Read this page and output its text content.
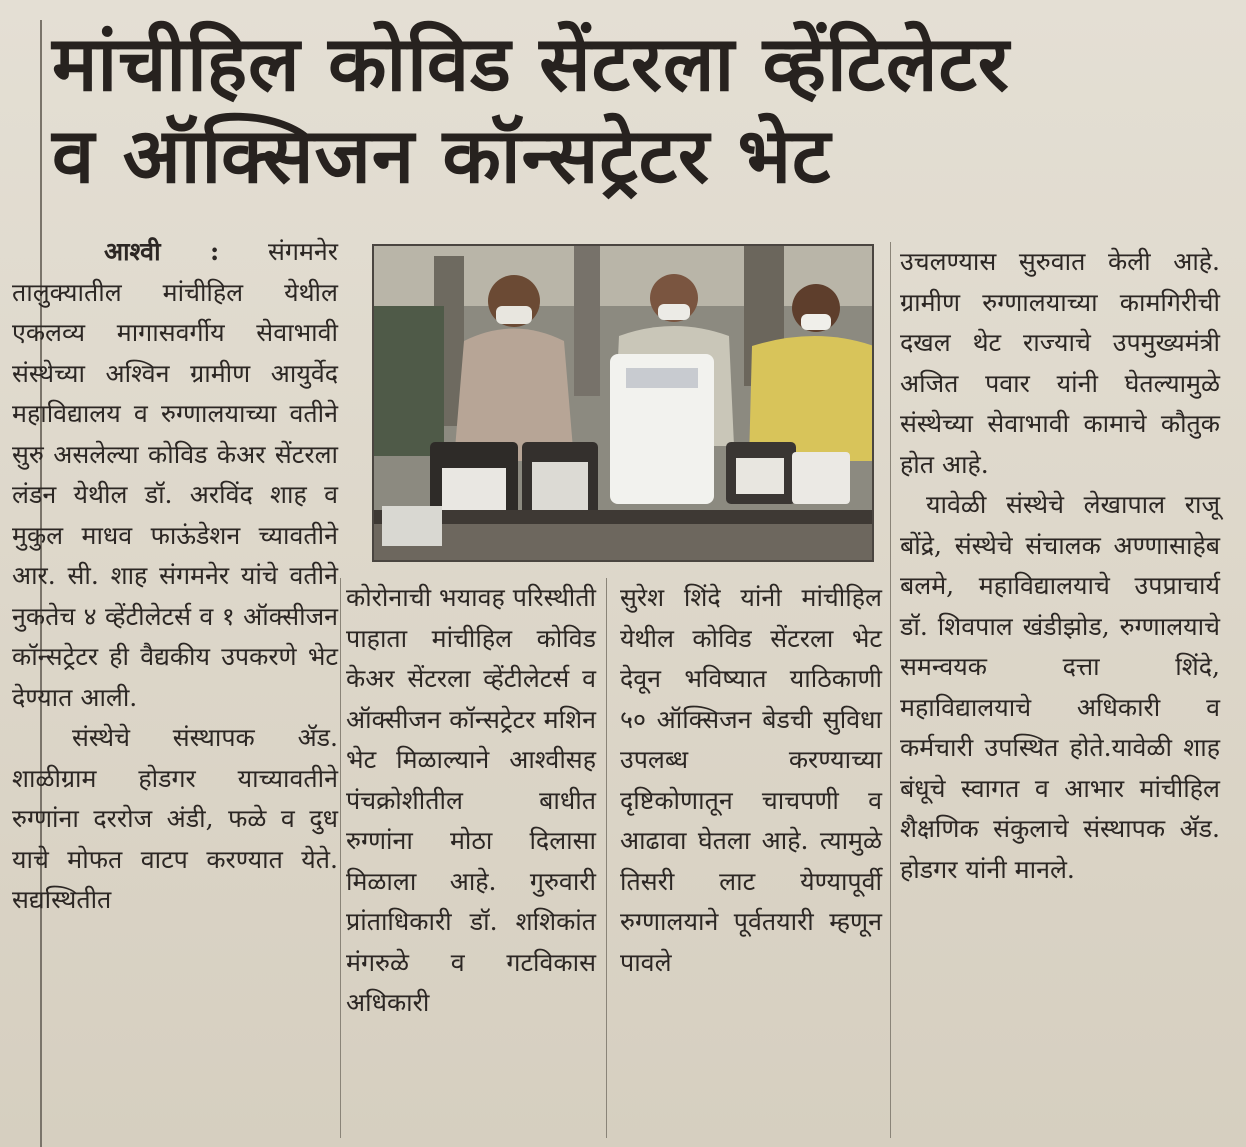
मांचीहिल कोविड सेंटरला व्हेंटिलेटर
व ऑक्सिजन कॉन्सट्रेटर भेट

आश्वी : संगमनेर तालुक्यातील मांचीहिल येथील एकलव्य मागासवर्गीय सेवाभावी संस्थेच्या अश्विन ग्रामीण आयुर्वेद महाविद्यालय व रुग्णालयाच्या वतीने सुरु असलेल्या कोविड केअर सेंटरला लंडन येथील डॉ. अरविंद शाह व मुकुल माधव फाऊंडेशन च्यावतीने आर. सी. शाह संगमनेर यांचे वतीने नुकतेच ४ व्हेंटीलेटर्स व १ ऑक्सीजन कॉन्सट्रेटर ही वैद्यकीय उपकरणे भेट देण्यात आली.

संस्थेचे संस्थापक ॲड. शाळीग्राम होडगर याच्यावतीने रुग्णांना दररोज अंडी, फळे व दुध याचे मोफत वाटप करण्यात येते. सद्यस्थितीत

कोरोनाची भयावह परिस्थीती पाहाता मांचीहिल कोविड केअर सेंटरला व्हेंटीलेटर्स व ऑक्सीजन कॉन्सट्रेटर मशिन भेट मिळाल्याने आश्वीसह पंचक्रोशीतील बाधीत रुग्णांना मोठा दिलासा मिळाला आहे. गुरुवारी प्रांताधिकारी डॉ. शशिकांत मंगरुळे व गटविकास अधिकारी

सुरेश शिंदे यांनी मांचीहिल येथील कोविड सेंटरला भेट देवून भविष्यात याठिकाणी ५० ऑक्सिजन बेडची सुविधा उपलब्ध करण्याच्या दृष्टिकोणातून चाचपणी व आढावा घेतला आहे. त्यामुळे तिसरी लाट येण्यापूर्वी रुग्णालयाने पूर्वतयारी म्हणून पावले

उचलण्यास सुरुवात केली आहे. ग्रामीण रुग्णालयाच्या कामगिरीची दखल थेट राज्याचे उपमुख्यमंत्री अजित पवार यांनी घेतल्यामुळे संस्थेच्या सेवाभावी कामाचे कौतुक होत आहे.

यावेळी संस्थेचे लेखापाल राजू बोंद्रे, संस्थेचे संचालक अण्णासाहेब बलमे, महाविद्यालयाचे उपप्राचार्य डॉ. शिवपाल खंडीझोड, रुग्णालयाचे समन्वयक दत्ता शिंदे, महाविद्यालयाचे अधिकारी व कर्मचारी उपस्थित होते.यावेळी शाह बंधूचे स्वागत व आभार मांचीहिल शैक्षणिक संकुलाचे संस्थापक ॲड. होडगर यांनी मानले.
